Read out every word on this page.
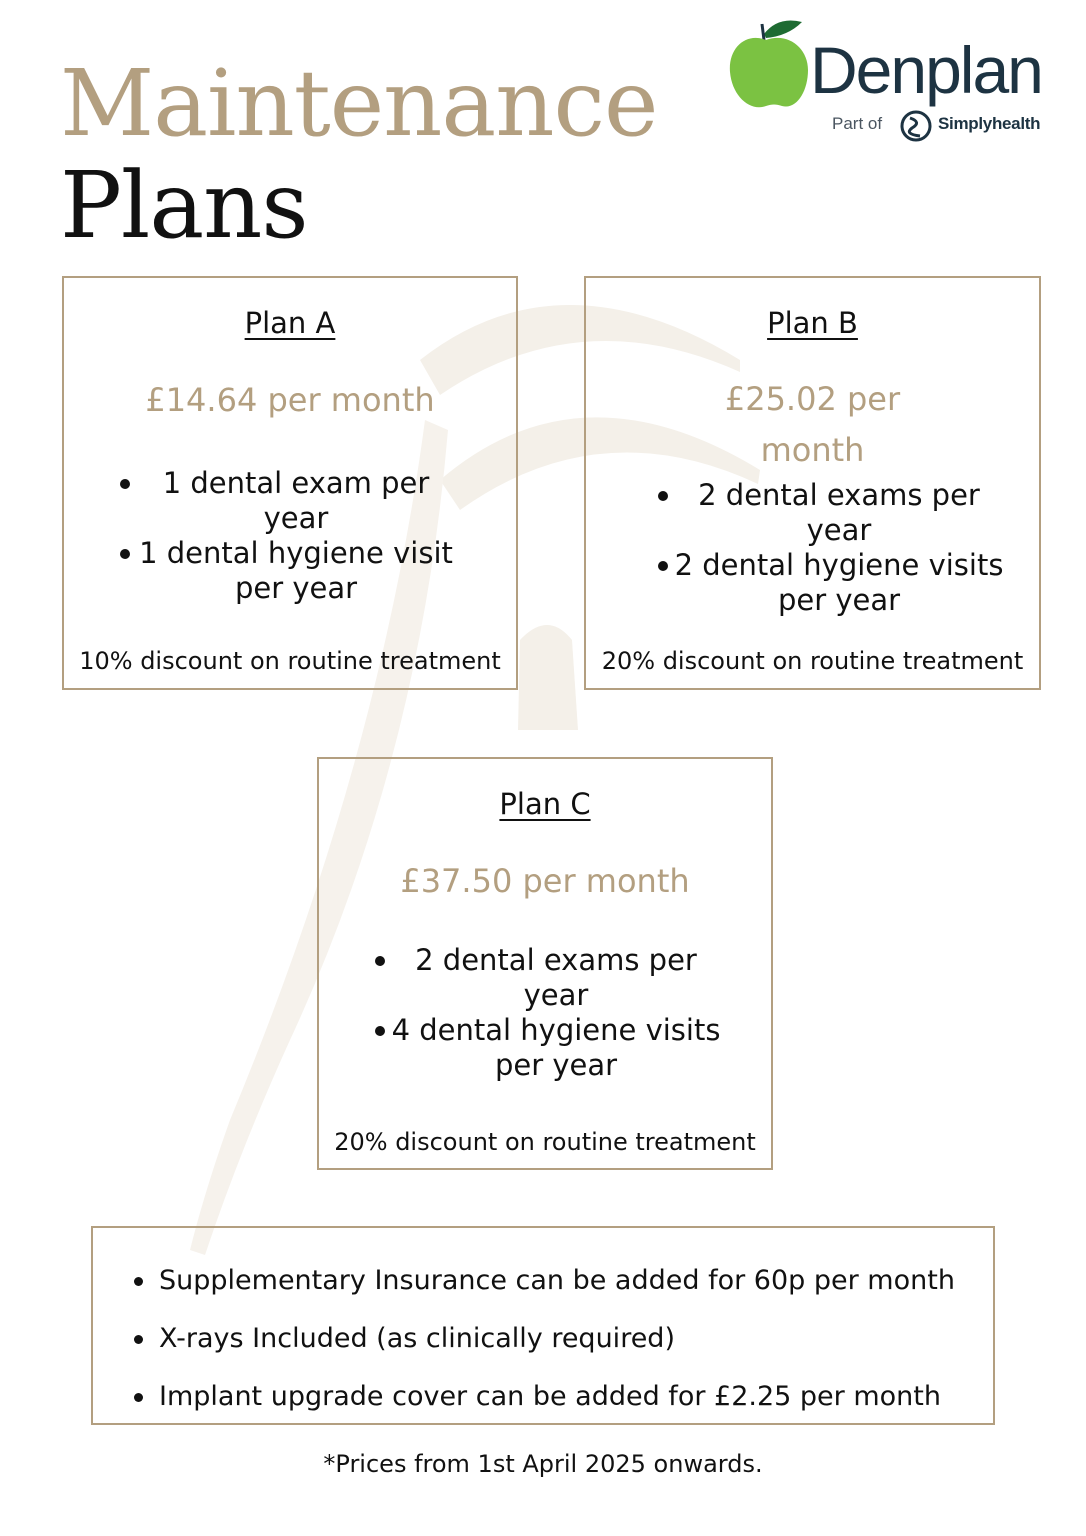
Maintenance
Plans
Denplan
Part of	Simplyhealth
Plan A
£14.64 per month
1 dental exam per year
1 dental hygiene visit per year
10% discount on routine treatment
Plan B
£25.02 per month
2 dental exams per year
2 dental hygiene visits per year
20% discount on routine treatment
Plan C
£37.50 per month
2 dental exams per year
4 dental hygiene visits per year
20% discount on routine treatment
Supplementary Insurance can be added for 60p per month
X-rays Included (as clinically required)
Implant upgrade cover can be added for £2.25 per month
*Prices from 1st April 2025 onwards.
